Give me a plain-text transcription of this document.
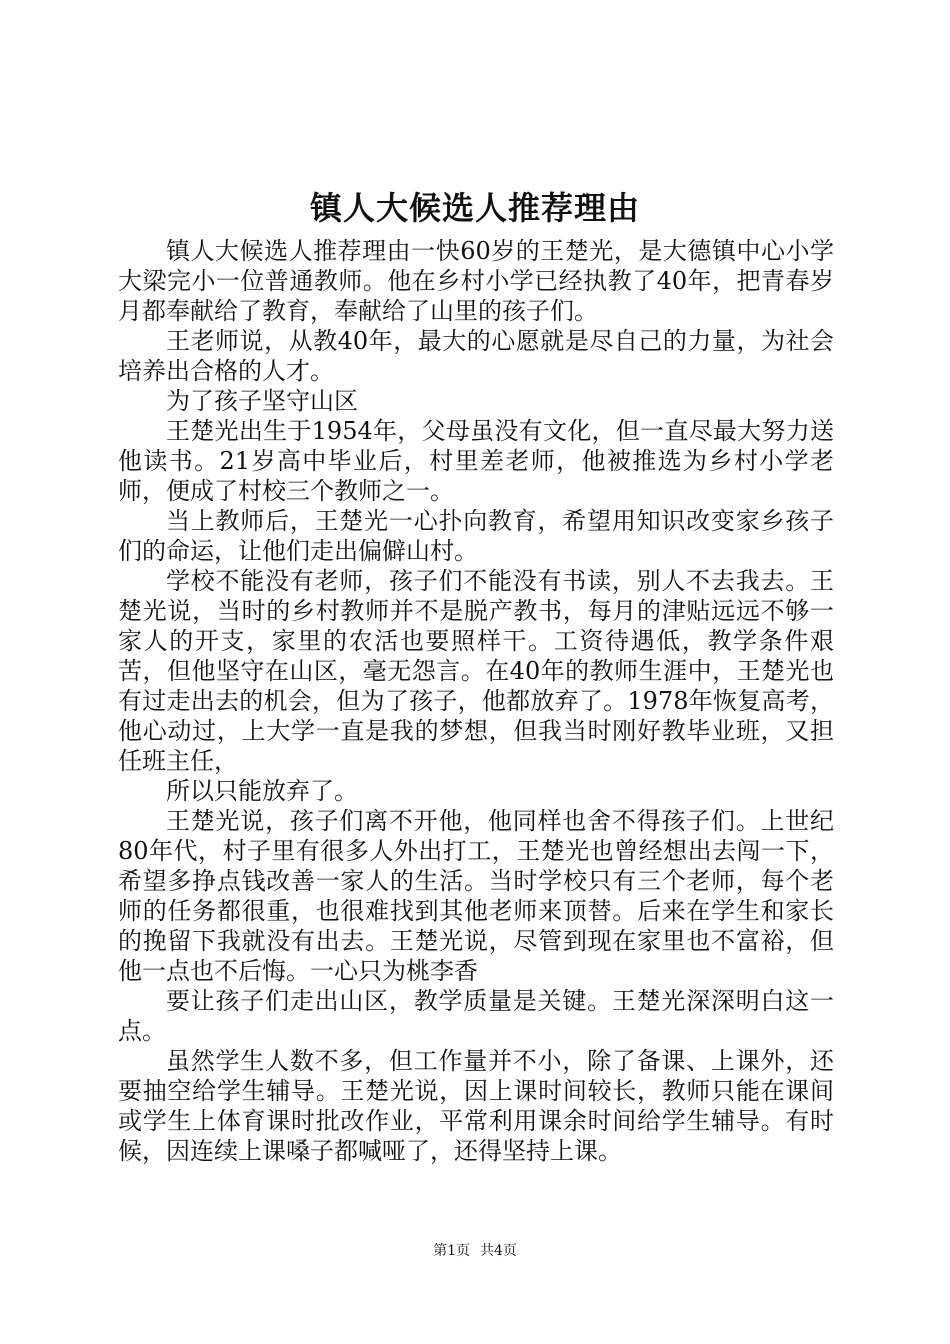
镇人大候选人推荐理由

镇人大候选人推荐理由一快60岁的王楚光，是大德镇中心小学大梁完小一位普通教师。他在乡村小学已经执教了40年，把青春岁月都奉献给了教育，奉献给了山里的孩子们。

王老师说，从教40年，最大的心愿就是尽自己的力量，为社会培养出合格的人才。

为了孩子坚守山区

王楚光出生于1954年，父母虽没有文化，但一直尽最大努力送他读书。21岁高中毕业后，村里差老师，他被推选为乡村小学老师，便成了村校三个教师之一。

当上教师后，王楚光一心扑向教育，希望用知识改变家乡孩子们的命运，让他们走出偏僻山村。

学校不能没有老师，孩子们不能没有书读，别人不去我去。王楚光说，当时的乡村教师并不是脱产教书，每月的津贴远远不够一家人的开支，家里的农活也要照样干。工资待遇低，教学条件艰苦，但他坚守在山区，毫无怨言。在40年的教师生涯中，王楚光也有过走出去的机会，但为了孩子，他都放弃了。1978年恢复高考，他心动过，上大学一直是我的梦想，但我当时刚好教毕业班，又担任班主任，

所以只能放弃了。

王楚光说，孩子们离不开他，他同样也舍不得孩子们。上世纪80年代，村子里有很多人外出打工，王楚光也曾经想出去闯一下，希望多挣点钱改善一家人的生活。当时学校只有三个老师，每个老师的任务都很重，也很难找到其他老师来顶替。后来在学生和家长的挽留下我就没有出去。王楚光说，尽管到现在家里也不富裕，但他一点也不后悔。一心只为桃李香

要让孩子们走出山区，教学质量是关键。王楚光深深明白这一点。

虽然学生人数不多，但工作量并不小，除了备课、上课外，还要抽空给学生辅导。王楚光说，因上课时间较长，教师只能在课间或学生上体育课时批改作业，平常利用课余时间给学生辅导。有时候，因连续上课嗓子都喊哑了，还得坚持上课。

第1页 共4页
